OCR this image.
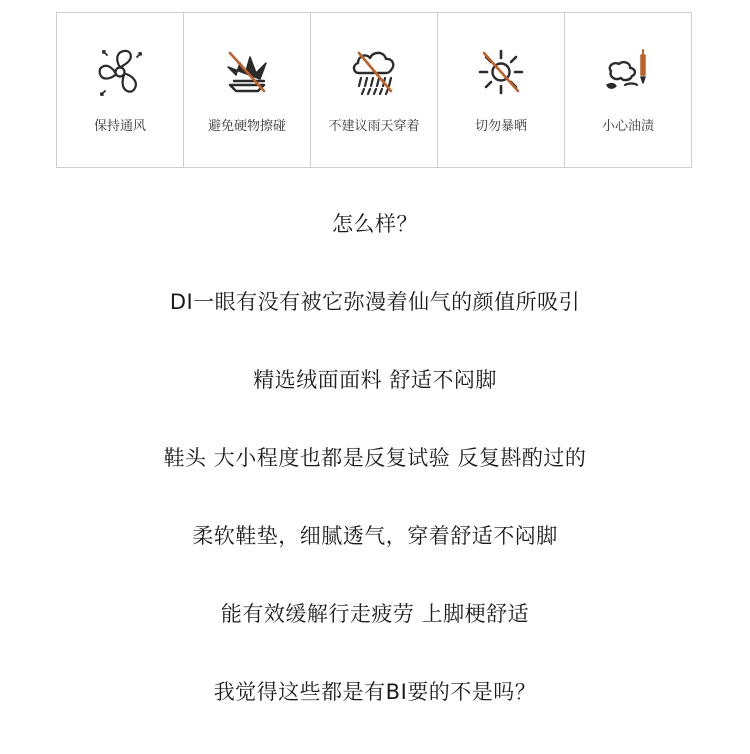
保持通风	避免硬物擦碰	不建议雨天穿着	切勿暴晒	小心油渍
怎么样？
DI一眼有没有被它弥漫着仙气的颜值所吸引
精选绒面面料 舒适不闷脚
鞋头 大小程度也都是反复试验 反复斟酌过的
柔软鞋垫，细腻透气，穿着舒适不闷脚
能有效缓解行走疲劳 上脚梗舒适
我觉得这些都是有BI要的不是吗？
